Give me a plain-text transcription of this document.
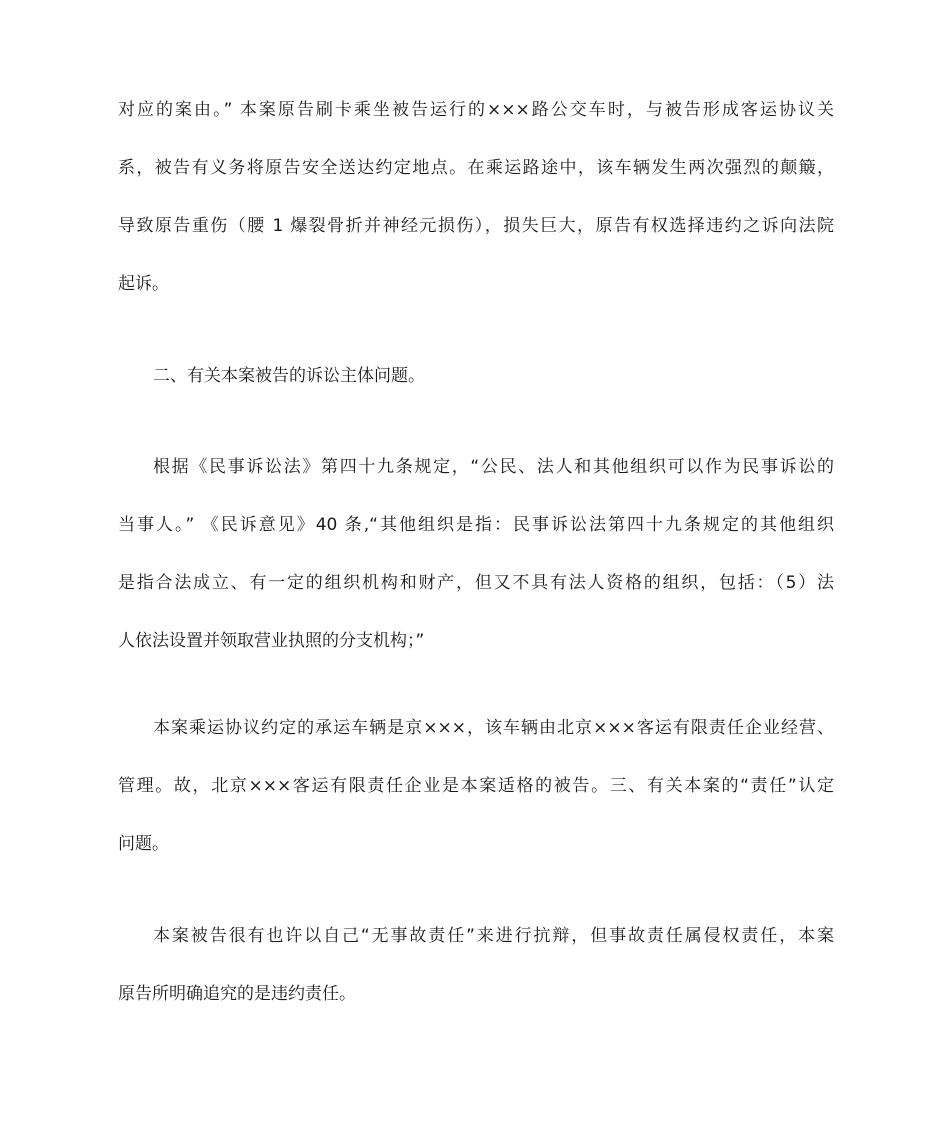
对应的案由。” 本案原告刷卡乘坐被告运行的×××路公交车时，与被告形成客运协议关
系，被告有义务将原告安全送达约定地点。在乘运路途中，该车辆发生两次强烈的颠簸，
导致原告重伤（腰 1 爆裂骨折并神经元损伤），损失巨大，原告有权选择违约之诉向法院
起诉。
二、有关本案被告的诉讼主体问题。
根据《民事诉讼法》第四十九条规定，“公民、法人和其他组织可以作为民事诉讼的
当事人。” 《民诉意见》40 条,“其他组织是指：民事诉讼法第四十九条规定的其他组织
是指合法成立、有一定的组织机构和财产，但又不具有法人资格的组织，包括：（5）法
人依法设置并领取营业执照的分支机构；”
本案乘运协议约定的承运车辆是京×××，该车辆由北京×××客运有限责任企业经营、
管理。故，北京×××客运有限责任企业是本案适格的被告。三、有关本案的“责任”认定
问题。
本案被告很有也许以自己“无事故责任”来进行抗辩，但事故责任属侵权责任，本案
原告所明确追究的是违约责任。
